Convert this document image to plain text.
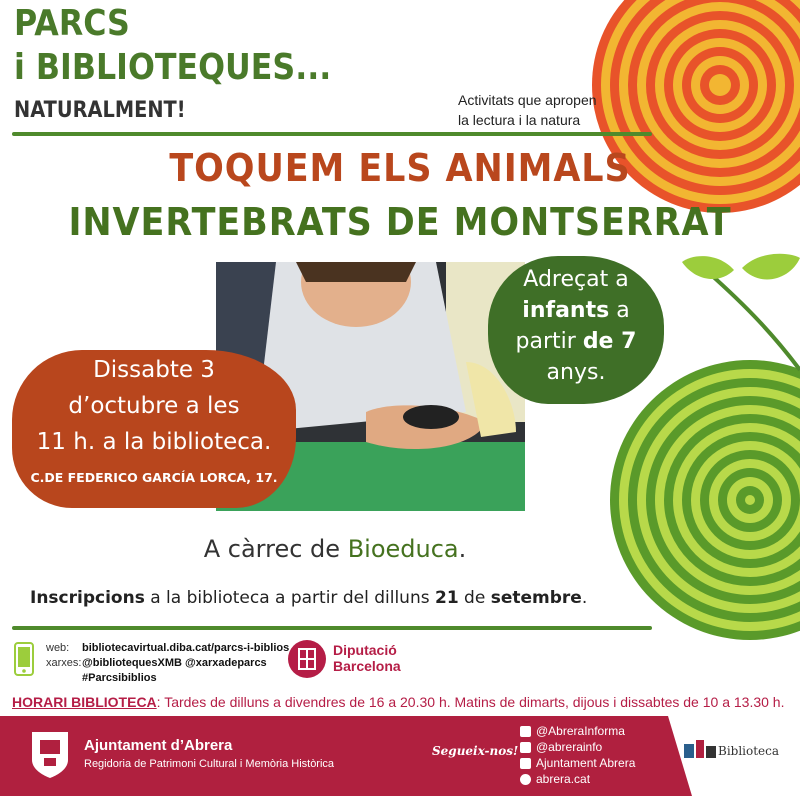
PARCS
i BIBLIOTEQUES...
NATURALMENT!	Activitats que apropen
la lectura i la natura
TOQUEM ELS ANIMALS
INVERTEBRATS DE MONTSERRAT
Dissabte 3
d’octubre a les
11 h. a la biblioteca.
C.DE FEDERICO GARCÍA LORCA, 17.
Adreçat a
infants a
partir de 7
anys.
A càrrec de Bioeduca.
Inscripcions a la biblioteca a partir del dilluns 21 de setembre.
web: bibliotecavirtual.diba.cat/parcs-i-biblios
xarxes:@bibliotequesXMB @xarxadeparcs
#Parcsibiblios
Diputació
Barcelona
HORARI BIBLIOTECA: Tardes de dilluns a divendres de 16 a 20.30 h. Matins de dimarts, dijous i dissabtes de 10 a 13.30 h.
Ajuntament d’Abrera
Regidoria de Patrimoni Cultural i Memòria Històrica
Segueix-nos!
@AbreraInforma
@abrerainfo
Ajuntament Abrera
abrera.cat
Biblioteca
